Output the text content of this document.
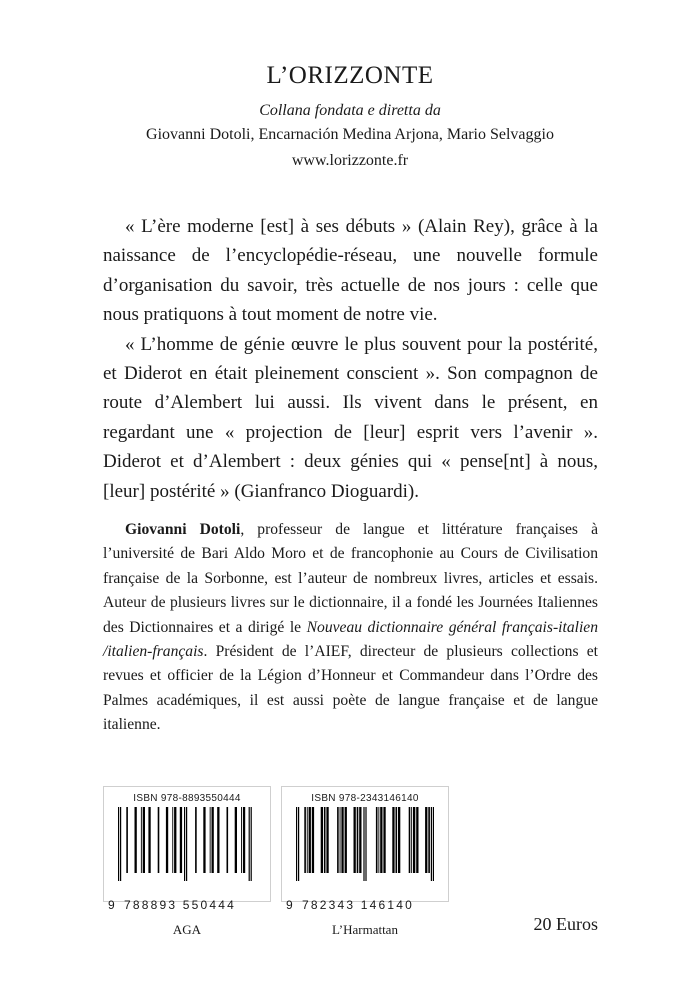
L’ORIZZONTE
Collana fondata e diretta da
Giovanni Dotoli, Encarnación Medina Arjona, Mario Selvaggio
www.lorizzonte.fr

« L’ère moderne [est] à ses débuts » (Alain Rey), grâce à la naissance de l’encyclopédie-réseau, une nouvelle formule d’organisation du savoir, très actuelle de nos jours : celle que nous pratiquons à tout moment de notre vie.

« L’homme de génie œuvre le plus souvent pour la postérité, et Diderot en était pleinement conscient ». Son compagnon de route d’Alembert lui aussi. Ils vivent dans le présent, en regardant une « projection de [leur] esprit vers l’avenir ». Diderot et d’Alembert : deux génies qui « pense[nt] à nous, [leur] postérité » (Gianfranco Dioguardi).

Giovanni Dotoli, professeur de langue et littérature françaises à l’université de Bari Aldo Moro et de francophonie au Cours de Civilisation française de la Sorbonne, est l’auteur de nombreux livres, articles et essais. Auteur de plusieurs livres sur le dictionnaire, il a fondé les Journées Italiennes des Dictionnaires et a dirigé le Nouveau dictionnaire général français-italien /italien-français. Président de l’AIEF, directeur de plusieurs collections et revues et officier de la Légion d’Honneur et Commandeur dans l’Ordre des Palmes académiques, il est aussi poète de langue française et de langue italienne.

ISBN 978-8893550444
9 788893 550444
ISBN 978-2343146140
9 782343 146140
AGA	L’Harmattan	20 Euros
